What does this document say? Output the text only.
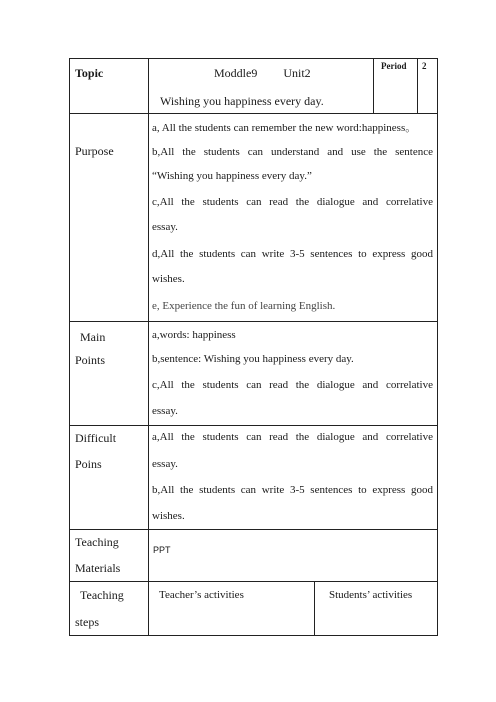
Topic	Moddle9 Unit2
Wishing you happiness every day.
Period 2
Purpose
a, All the students can remember the new word:happiness。
b,All the students can understand and use the sentence
“Wishing you happiness every day.”
c,All the students can read the dialogue and correlative
essay.
d,All the students can write 3-5 sentences to express good
wishes.
e, Experience the fun of learning English.
Main
Points
a,words: happiness
b,sentence: Wishing you happiness every day.
c,All the students can read the dialogue and correlative
essay.
Difficult
Poins
a,All the students can read the dialogue and correlative
essay.
b,All the students can write 3-5 sentences to express good
wishes.
Teaching
Materials
PPT
Teaching
steps
Teacher’s activities	Students’ activities
